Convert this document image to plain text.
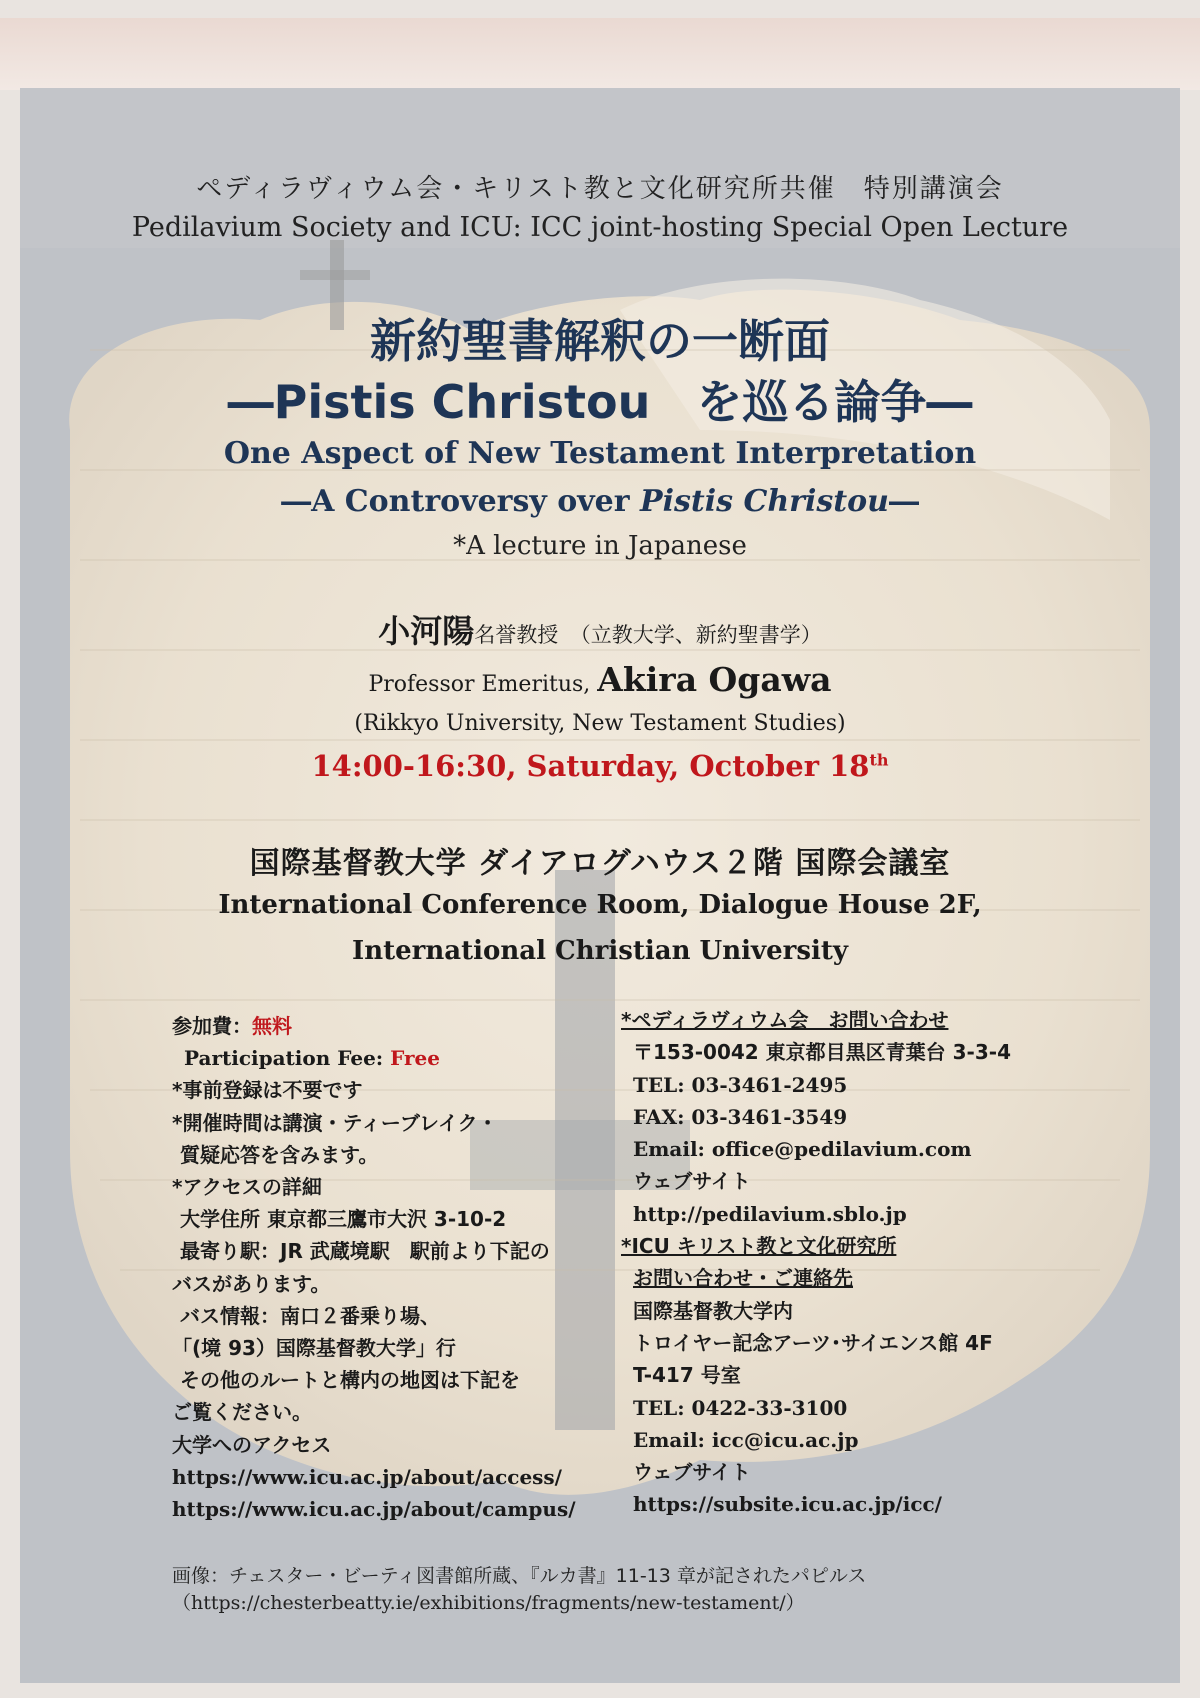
ペディラヴィウム会・キリスト教と文化研究所共催　特別講演会
Pedilavium Society and ICU: ICC joint-hosting Special Open Lecture
新約聖書解釈の一断面
―Pistis Christou　を巡る論争―
One Aspect of New Testament Interpretation
―A Controversy over Pistis Christou―
*A lecture in Japanese
小河陽名誉教授　 （立教大学、新約聖書学）
Professor Emeritus, Akira Ogawa
(Rikkyo University, New Testament Studies)
14:00-16:30, Saturday, October 18th
国際基督教大学 ダイアログハウス２階 国際会議室
International Conference Room, Dialogue House 2F,
International Christian University
参加費：無料
Participation Fee: Free
*事前登録は不要です
*開催時間は講演・ティーブレイク・
質疑応答を含みます。
*アクセスの詳細
大学住所 東京都三鷹市大沢 3-10-2
最寄り駅：JR 武蔵境駅　駅前より下記の
バスがあります。
バス情報：南口２番乗り場、
「(境 93）国際基督教大学」行
その他のルートと構内の地図は下記を
ご覧ください。
大学へのアクセス
https://www.icu.ac.jp/about/access/
https://www.icu.ac.jp/about/campus/
*ペディラヴィウム会　お問い合わせ
〒153-0042 東京都目黒区青葉台 3-3-4
TEL: 03-3461-2495
FAX: 03-3461-3549
Email: office@pedilavium.com
ウェブサイト
http://pedilavium.sblo.jp
*ICU キリスト教と文化研究所
お問い合わせ・ご連絡先
国際基督教大学内
トロイヤー記念アーツ･サイエンス館 4F
T-417 号室
TEL: 0422-33-3100
Email: icc@icu.ac.jp
ウェブサイト
https://subsite.icu.ac.jp/icc/
画像：チェスター・ビーティ図書館所蔵、『ルカ書』11-13 章が記されたパピルス
（https://chesterbeatty.ie/exhibitions/fragments/new-testament/）
